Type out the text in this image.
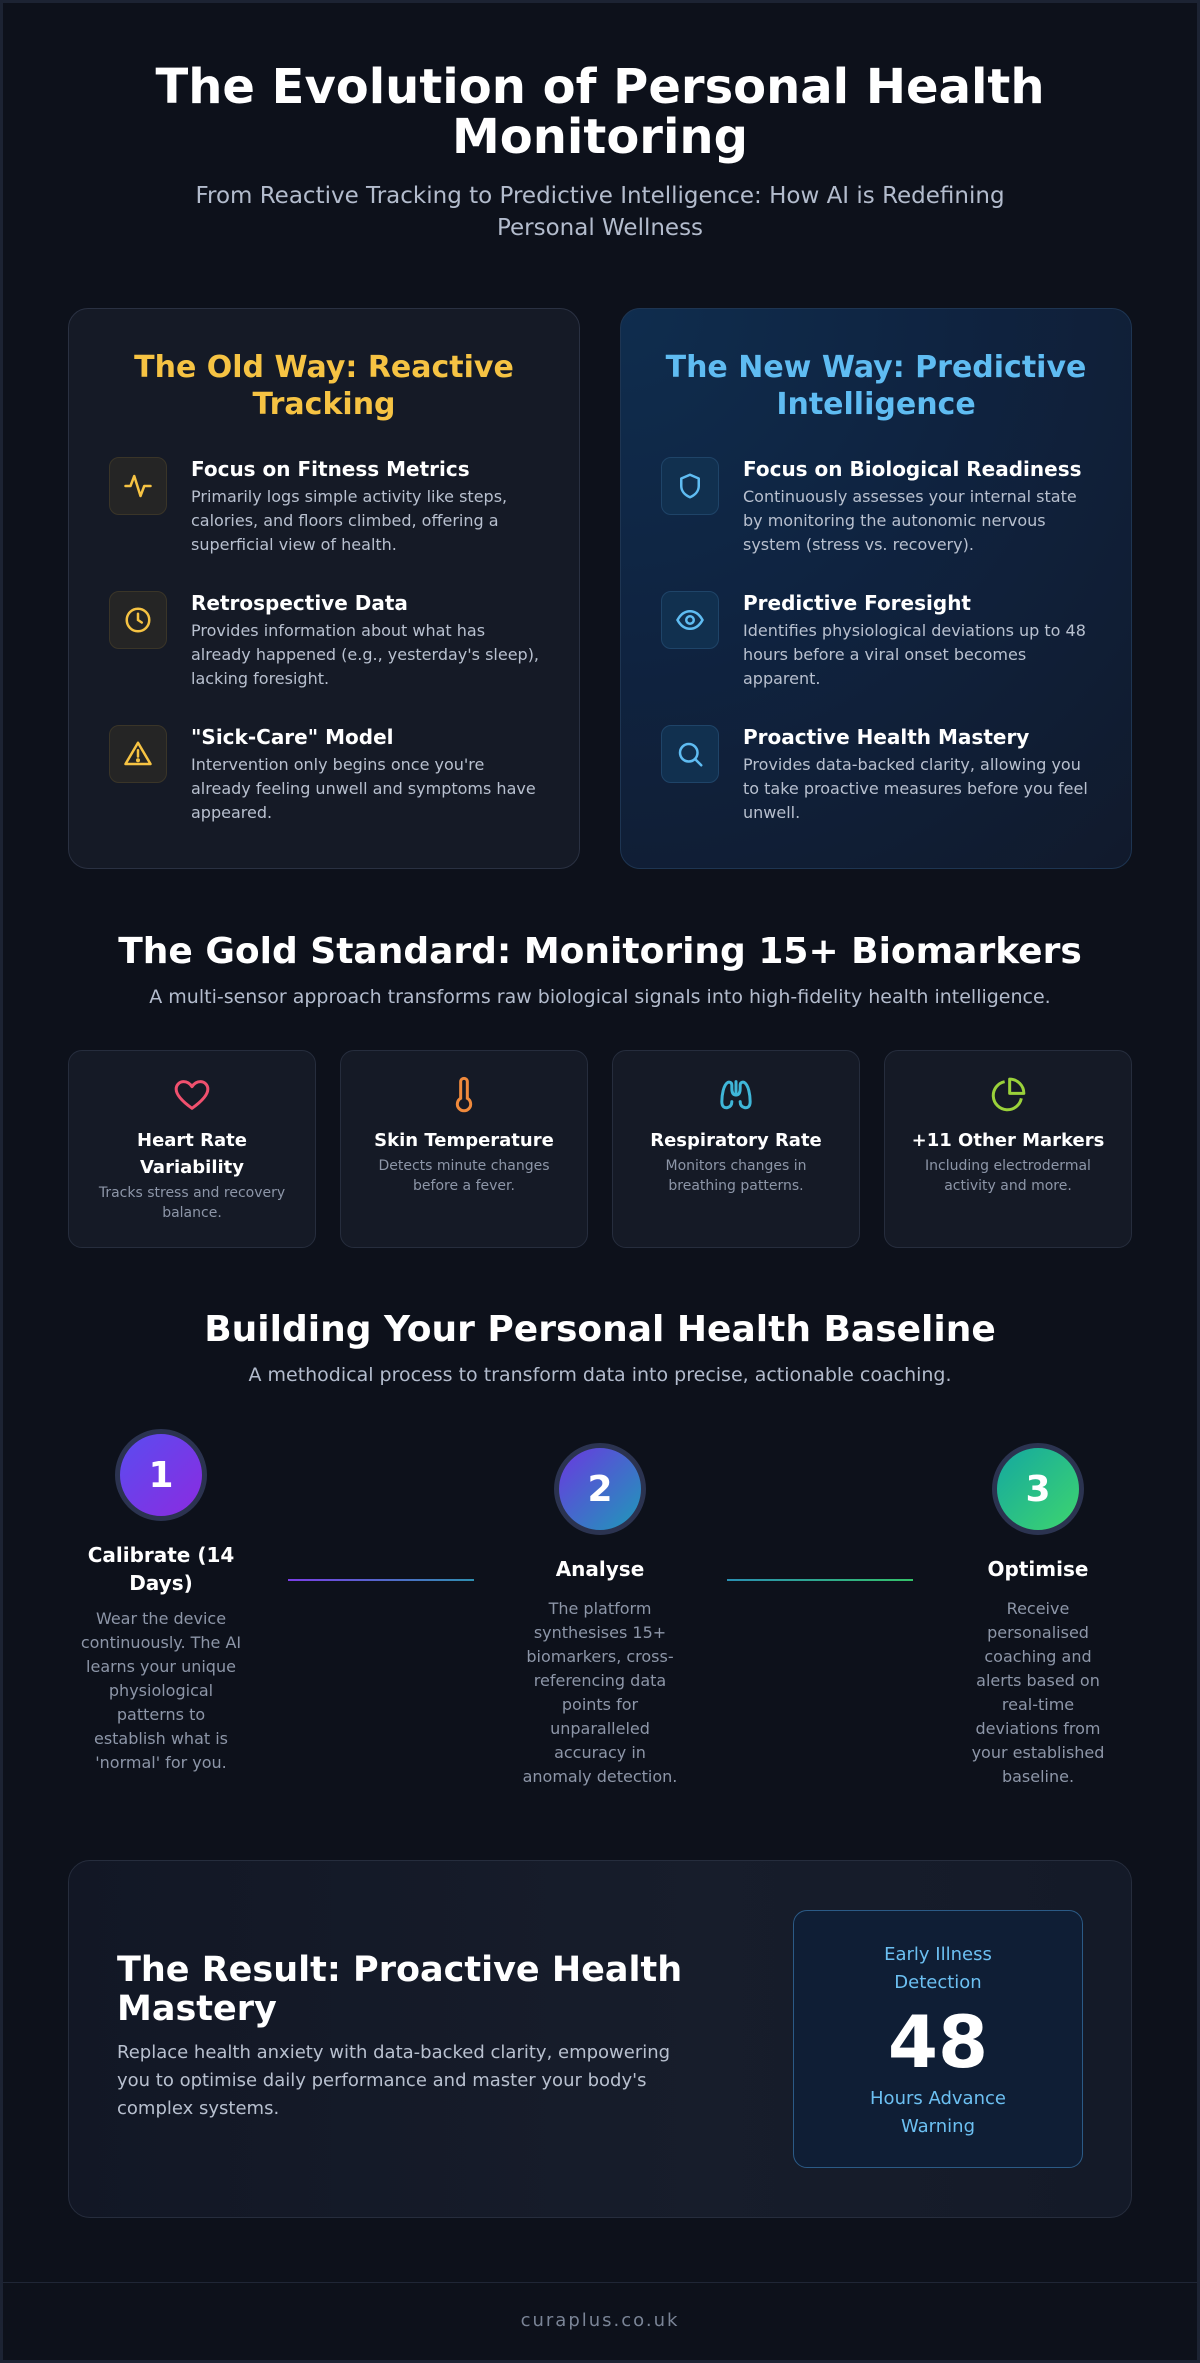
The Evolution of Personal Health Monitoring

From Reactive Tracking to Predictive Intelligence: How AI is Redefining Personal Wellness

The Old Way: Reactive Tracking
Focus on Fitness Metrics

Primarily logs simple activity like steps, calories, and floors climbed, offering a superficial view of health.

Retrospective Data

Provides information about what has already happened (e.g., yesterday's sleep), lacking foresight.

"Sick-Care" Model

Intervention only begins once you're already feeling unwell and symptoms have appeared.

The New Way: Predictive Intelligence
Focus on Biological Readiness

Continuously assesses your internal state by monitoring the autonomic nervous system (stress vs. recovery).

Predictive Foresight

Identifies physiological deviations up to 48 hours before a viral onset becomes apparent.

Proactive Health Mastery

Provides data-backed clarity, allowing you to take proactive measures before you feel unwell.

The Gold Standard: Monitoring 15+ Biomarkers

A multi-sensor approach transforms raw biological signals into high-fidelity health intelligence.

Heart Rate Variability

Tracks stress and recovery balance.

Skin Temperature

Detects minute changes before a fever.

Respiratory Rate

Monitors changes in breathing patterns.

+11 Other Markers

Including electrodermal activity and more.

Building Your Personal Health Baseline

A methodical process to transform data into precise, actionable coaching.

1
Calibrate (14 Days)

Wear the device continuously. The AI learns your unique physiological patterns to establish what is 'normal' for you.

2
Analyse

The platform synthesises 15+ biomarkers, cross-referencing data points for unparalleled accuracy in anomaly detection.

3
Optimise

Receive personalised coaching and alerts based on real-time deviations from your established baseline.

The Result: Proactive Health Mastery

Replace health anxiety with data-backed clarity, empowering you to optimise daily performance and master your body's complex systems.

Early Illness Detection
48
Hours Advance Warning
curaplus.co.uk
